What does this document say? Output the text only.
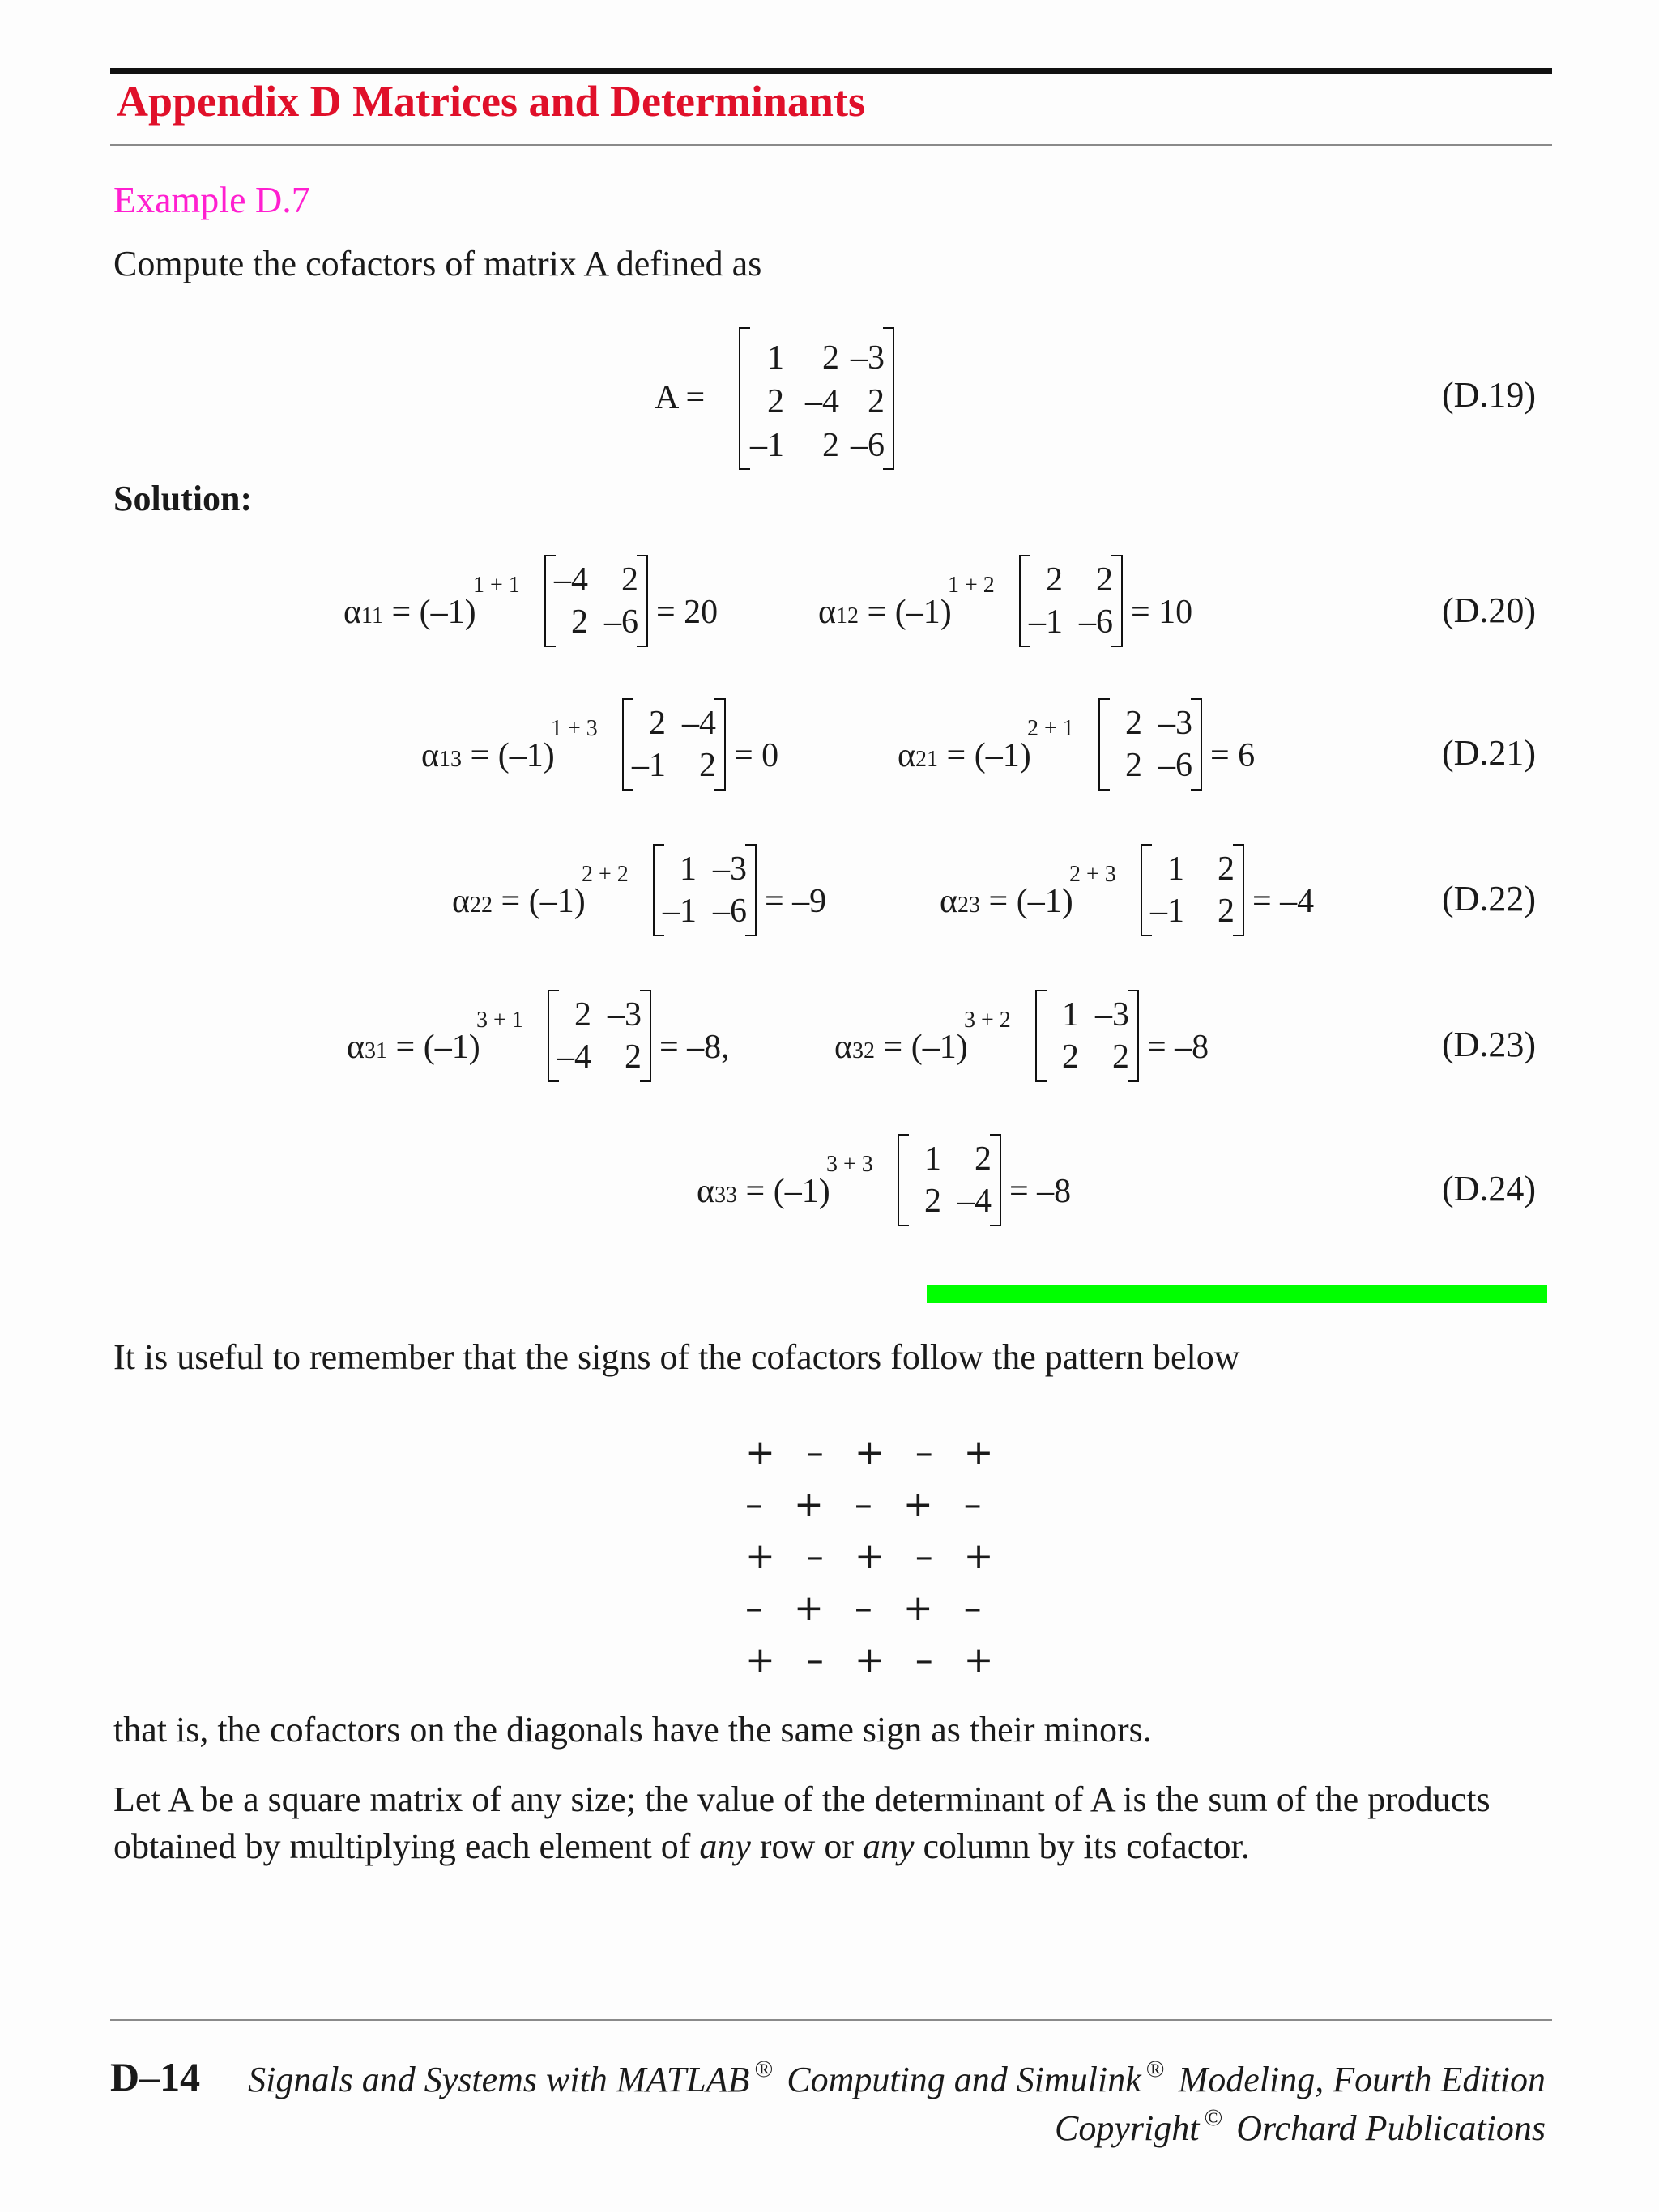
Appendix D Matrices and Determinants
Example D.7
Compute the cofactors of matrix A defined as
A =
1	2 –3
2 –4 2
–1	2 –6
(D.19)
Solution:
α11 = (–1)
1 + 1 –4 2
2 –6 = 20	α12 = (–1)
1 + 2	2 2
–1 –6 = 10
α13 = (–1)
1 + 3	2 –4
–1 2 = 0	α21 = (–1)
2 + 1	2 –3
2 –6 = 6
α22 = (–1)
2 + 2	1 –3
–1 –6 = –9	α23 = (–1)
2 + 3	1 2
–1 2 = –4
α31 = (–1)
3 + 1	2 –3
–4 2 = –8,	α32 = (–1)
3 + 2	1 –3
2 2 = –8
α33 = (–1)
3 + 3	1 2
2 –4 = –8
(D.20)
(D.21)
(D.22)
(D.23)
(D.24)
It is useful to remember that the signs of the cofactors follow the pattern below
+ – + – +
– + – + –
+ – + – +
– + – + –
+ – + – +
that is, the cofactors on the diagonals have the same sign as their minors.
Let A be a square matrix of any size; the value of the determinant of A is the sum of the products
obtained by multiplying each element of any row or any column by its cofactor.
D–14 Signals and Systems with MATLAB ® Computing and Simulink ® Modeling, Fourth Edition
Copyright © Orchard Publications
